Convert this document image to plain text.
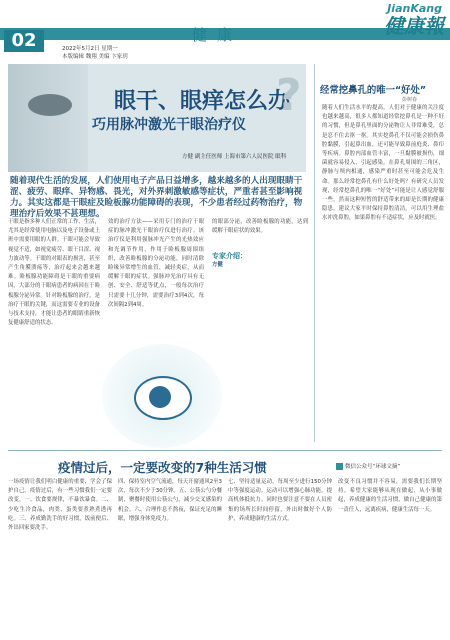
02	健康
JianKang
健康報
2022年5月2日 星期一
本版编辑 魏翔 美编 卞家玥
眼干、眼痒怎么办
巧用脉冲激光干眼治疗仪
?
方健 副主任医师 上海市第六人民医院 眼科
随着现代生活的发展，人们使用电子产品日益增多，越来越多的人出现眼睛干涩、疲劳、眼痒、异物感、畏光，对外界刺激敏感等症状，严重者甚至影响视力。其实这都是干眼症及睑板腺功能障碍的表现，不少患者经过药物治疗，物理治疗后效果不甚理想。
干眼是指多种人们正常的工作、生活，尤其是经常使用电脑以及电子设备或上班中需要用眼的人群。干眼可能会导致视觉不适，如视觉疲劳、眼干目涩、视力波动等。干眼的对眼表的损害，甚至产生角膜溃疡等，治疗起来会越来越难。睑板腺功能障碍是干眼的重要病因，大部分的干眼病患者的病因在于睑板腺分泌异常。针对睑板腺的治疗，是治疗干眼的关键，而这需要专业的设备与技术支持，才能让患者的眼睛重新恢复健康舒适的状态。
效的治疗方法——采用专门的治疗干眼症的脉冲激光干眼治疗仪进行治疗。该治疗仪是利用强脉冲光产生的光热效应和光调节作用，作用于睑板腺周围组织，改善睑板腺的分泌功能，同时清除睑缘异常增生的血管，减轻炎症，从而缓解干眼的症状。强脉冲光治疗具有无创、安全、舒适等优点，一般每次治疗只需要十几分钟，需要治疗3到4次，每次间隔2到4周。
的眼部分泌，改善睑板腺的功能，达到缓解干眼症状的效果。
专家介绍：
方健
经常挖鼻孔的唯一“好处”
彭树春
随着人们生活水平的提高，人们对于健康的关注度也越来越高，很多人都知道经常挖鼻孔是一种不好的习惯，但是鼻孔里面的分泌物让人非常难受，总是忍不住去抠一抠。其实挖鼻孔不仅可能会损伤鼻腔黏膜，引起鼻出血，还可能导致鼻前庭炎、鼻疖等疾病。鼻腔内部血管丰富，一旦黏膜被损伤，细菌就容易侵入，引起感染。在鼻孔周围的三角区，静脉与颅内相通，感染严重时甚至可能会危及生命。那么经常挖鼻孔有什么好处吗？有研究人员发现，经常挖鼻孔的唯一“好处”可能是让人感觉舒服一些，然而这种短暂的舒适带来的却是长期的健康隐患。建议大家平时保持鼻腔清洁，可以用生理盐水冲洗鼻腔，如果鼻腔有不适症状，应及时就医。
疫情过后，一定要改变的7种生活习惯	微信公众号“环球文摘”
一场疫情让我们明白健康的重要，学会了保护自己。疫情过后，有一些习惯我们一定要改变。一、饮食要规律，不暴饮暴食。二、少吃生冷食品，肉类、蛋类要煮熟煮透再吃。三、养成勤洗手的好习惯，饭前便后、外出回家要洗手。
四、保持室内空气流通，每天开窗通风2至3次，每次不少于30分钟。五、公筷公勺分餐制，聚餐时使用公筷公勺，减少交叉感染的机会。六、合理作息不熬夜，保证充足的睡眠，增强身体免疫力。
七、坚持适量运动，每周至少进行150分钟中等强度运动。运动可以增强心肺功能，提高机体抵抗力。同时也要注意不要在人员密集的场所长时间停留，外出时做好个人防护，养成健康的生活方式。
改变不良习惯并不容易，需要我们长期坚持。希望大家能够从现在做起，从小事做起，养成健康的生活习惯，做自己健康的第一责任人，远离疾病，健康生活每一天。
